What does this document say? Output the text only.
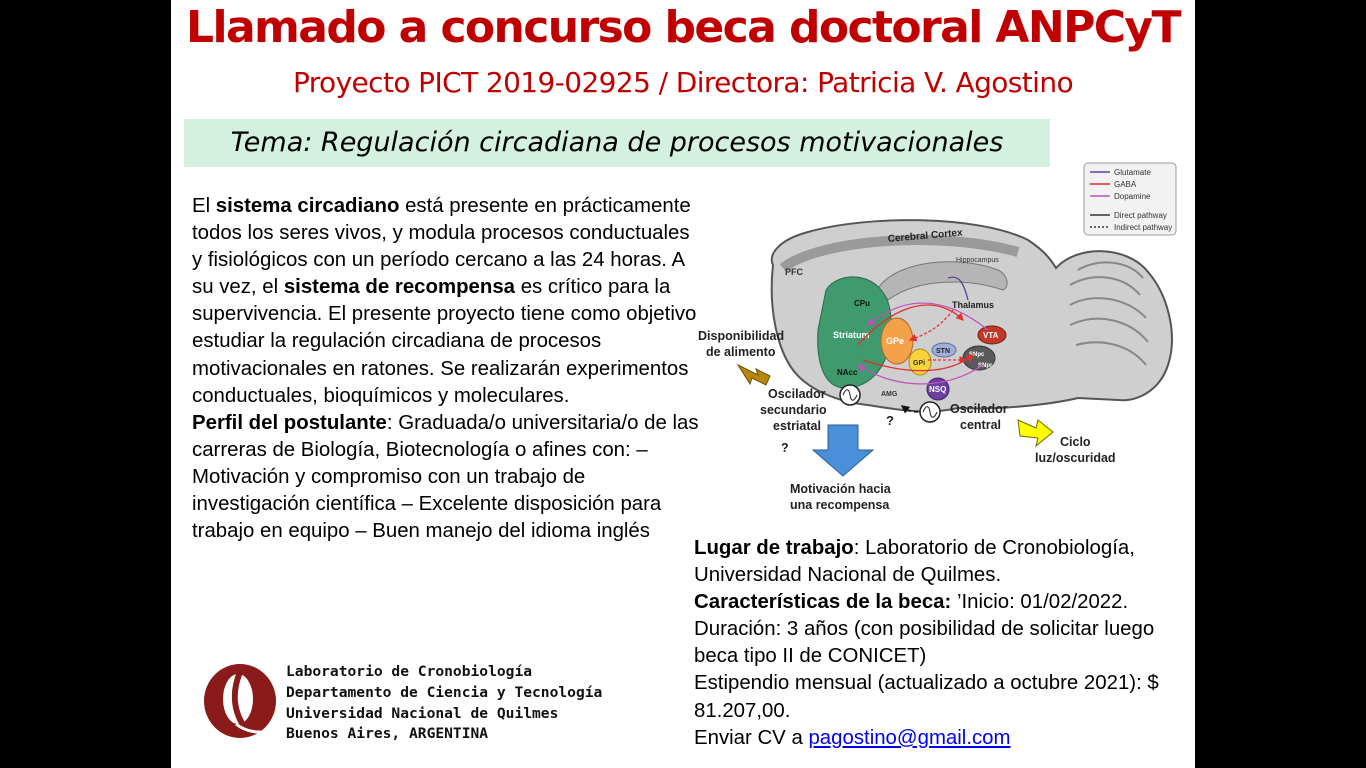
Llamado a concurso beca doctoral ANPCyT
Proyecto PICT 2019-02925 / Directora: Patricia V. Agostino
Tema: Regulación circadiana de procesos motivacionales

El sistema circadiano está presente en prácticamente todos los seres vivos, y modula procesos conductuales y fisiológicos con un período cercano a las 24 horas. A su vez, el sistema de recompensa es crítico para la supervivencia. El presente proyecto tiene como objetivo estudiar la regulación circadiana de procesos motivacionales en ratones. Se realizarán experimentos conductuales, bioquímicos y moleculares.

Perfil del postulante: Graduada/o universitaria/o de las carreras de Biología, Biotecnología o afines con: – Motivación y compromiso con un trabajo de investigación científica – Excelente disposición para trabajo en equipo – Buen manejo del idioma inglés

Lugar de trabajo: Laboratorio de Cronobiología, Universidad Nacional de Quilmes.

Características de la beca: ’Inicio: 01/02/2022.

Duración: 3 años (con posibilidad de solicitar luego beca tipo II de CONICET)

Estipendio mensual (actualizado a octubre 2021): $ 81.207,00.

Enviar CV a pagostino@gmail.com

Laboratorio de Cronobiología
Departamento de Ciencia y Tecnología
Universidad Nacional de Quilmes
Buenos Aires, ARGENTINA
Glutamate
GABA
Dopamine
Direct pathway
Indirect pathway
Cerebral Cortex
Hippocampus
PFC
CPu
Striatum
NAcc
GPe
GPi
STN
Thalamus
VTA
SNpc
SNpr
NSQ
AMG
?
Disponibilidad
de alimento
Oscilador
secundario
estriatal
?
Oscilador
central
Ciclo
luz/oscuridad
Motivación hacia
una recompensa
